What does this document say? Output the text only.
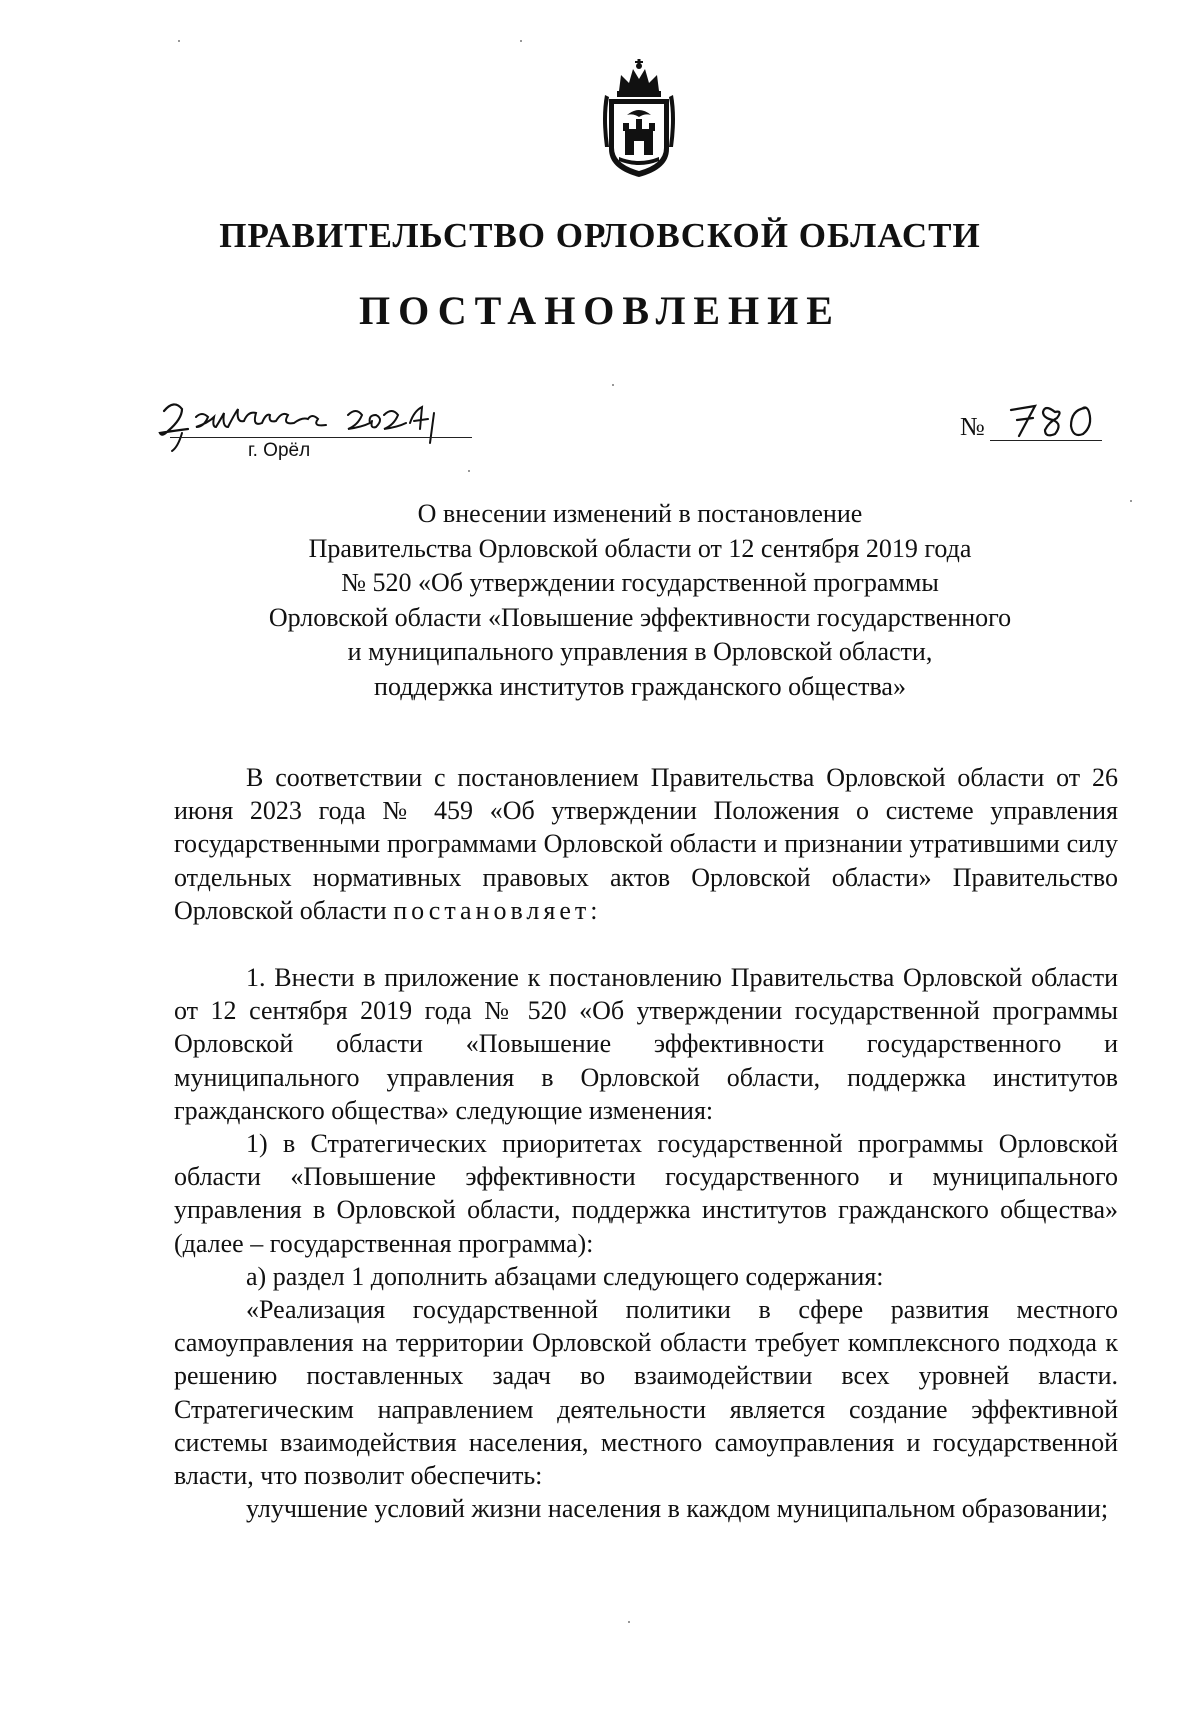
ПРАВИТЕЛЬСТВО ОРЛОВСКОЙ ОБЛАСТИ
ПОСТАНОВЛЕНИЕ
г. Орёл
№
О внесении изменений в постановление
Правительства Орловской области от 12 сентября 2019 года
№ 520 «Об утверждении государственной программы
Орловской области «Повышение эффективности государственного
и муниципального управления в Орловской области,
поддержка институтов гражданского общества»

В соответствии с постановлением Правительства Орловской области от 26 июня 2023 года № 459 «Об утверждении Положения о системе управления государственными программами Орловской области и признании утратившими силу отдельных нормативных правовых актов Орловской области» Правительство Орловской области постановляет:

1. Внести в приложение к постановлению Правительства Орловской области от 12 сентября 2019 года № 520 «Об утверждении государственной программы Орловской области «Повышение эффективности государственного и муниципального управления в Орловской области, поддержка институтов гражданского общества» следующие изменения:

1) в Стратегических приоритетах государственной программы Орловской области «Повышение эффективности государственного и муниципального управления в Орловской области, поддержка институтов гражданского общества» (далее – государственная программа):

а) раздел 1 дополнить абзацами следующего содержания:

«Реализация государственной политики в сфере развития местного самоуправления на территории Орловской области требует комплексного подхода к решению поставленных задач во взаимодействии всех уровней власти. Стратегическим направлением деятельности является создание эффективной системы взаимодействия населения, местного самоуправления и государственной власти, что позволит обеспечить:

улучшение условий жизни населения в каждом муниципальном образовании;
